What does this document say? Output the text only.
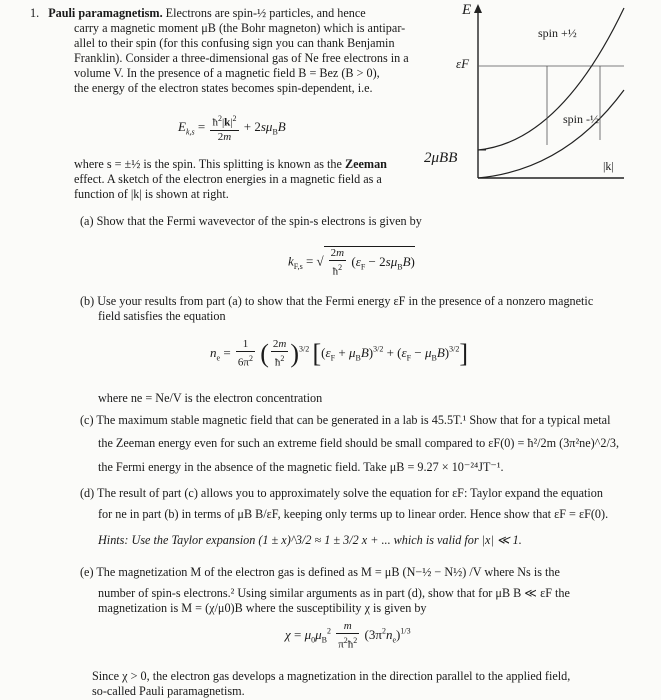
1. Pauli paramagnetism. Electrons are spin-½ particles, and hence
carry a magnetic moment μB (the Bohr magneton) which is antipar-
allel to their spin (for this confusing sign you can thank Benjamin
Franklin). Consider a three-dimensional gas of Ne free electrons in a
volume V. In the presence of a magnetic field B = Bez (B > 0),
the energy of the electron states becomes spin-dependent, i.e.
$E_{k,s} = \frac{ħ^2|k|^2}{2m} + 2s\mu_BB$
where s = ±½ is the spin. This splitting is known as the Zeeman
effect. A sketch of the electron energies in a magnetic field as a
function of |k| is shown at right.
(a) Show that the Fermi wavevector of the spin-s electrons is given by
$k_{F,s}$ = √ $\frac{2m}{ħ^2} (\varepsilon_F - 2s\mu_BB)$
(b) Use your results from part (a) to show that the Fermi energy εF in the presence of a nonzero magnetic
field satisfies the equation
$n_e = \frac{1}{6\pi^2}$ ( $\frac{2m}{ħ^2} )^{3/2}$ $[(\varepsilon_F + \mu_BB)^{3/2} + (\varepsilon_F - \mu_BB)^{3/2}]$
where ne = Ne/V is the electron concentration
(c) The maximum stable magnetic field that can be generated in a lab is 45.5T.¹ Show that for a typical metal
the Zeeman energy even for such an extreme field should be small compared to εF(0) = ħ²/2m (3π²ne)^2/3,
the Fermi energy in the absence of the magnetic field. Take μB = 9.27 × 10⁻²⁴JT⁻¹.
(d) The result of part (c) allows you to approximately solve the equation for εF: Taylor expand the equation
for ne in part (b) in terms of μB B/εF, keeping only terms up to linear order. Hence show that εF = εF(0).
Hints: Use the Taylor expansion (1 ± x)^3/2 ≈ 1 ± 3/2 x + ... which is valid for |x| ≪ 1.
(e) The magnetization M of the electron gas is defined as M = μB (N−½ − N½) /V where Ns is the
number of spin-s electrons.² Using similar arguments as in part (d), show that for μB B ≪ εF the
magnetization is M = (χ/μ0)B where the susceptibility χ is given by
$\chi = \mu_0\mu_B^2 \frac{m}{\pi^2ħ^2} (3\pi^2n_e)^{1/3}$
Since χ > 0, the electron gas develops a magnetization in the direction parallel to the applied field,
so-called Pauli paramagnetism.
E
εF
2μBB
spin +½
spin -½
|k|
